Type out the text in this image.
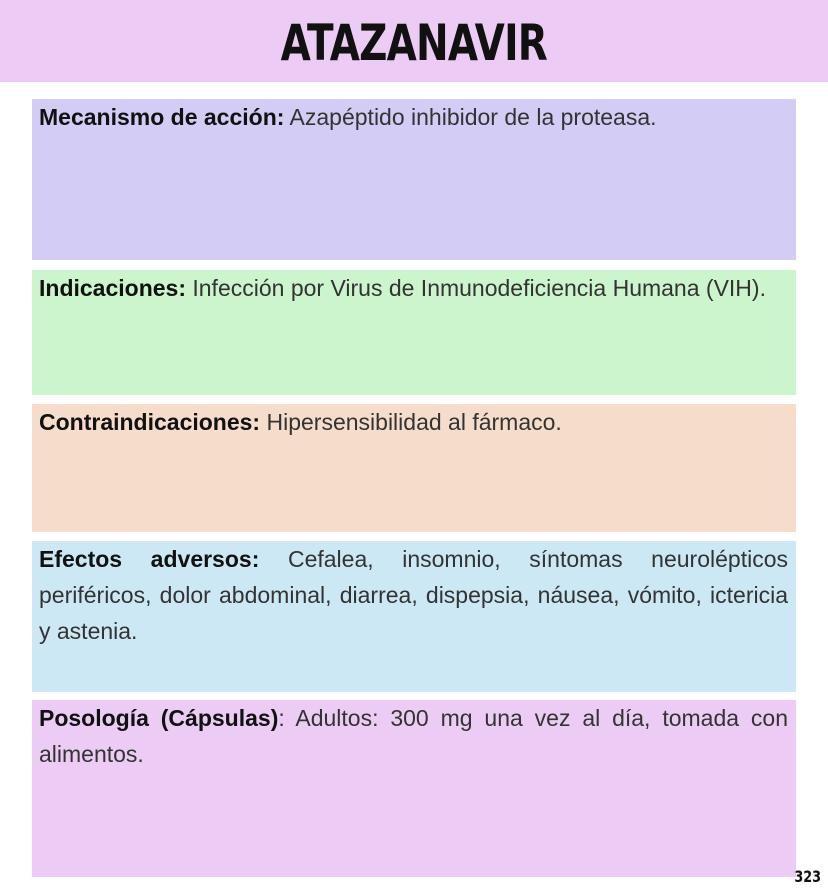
ATAZANAVIR
Mecanismo de acción: Azapéptido inhibidor de la proteasa.
Indicaciones: Infección por Virus de Inmunodeficiencia Humana (VIH).
Contraindicaciones: Hipersensibilidad al fármaco.
Efectos adversos: Cefalea, insomnio, síntomas neurolépticos periféricos, dolor abdominal, diarrea, dispepsia, náusea, vómito, ictericia y astenia.
Posología (Cápsulas): Adultos: 300 mg una vez al día, tomada con alimentos.
323
